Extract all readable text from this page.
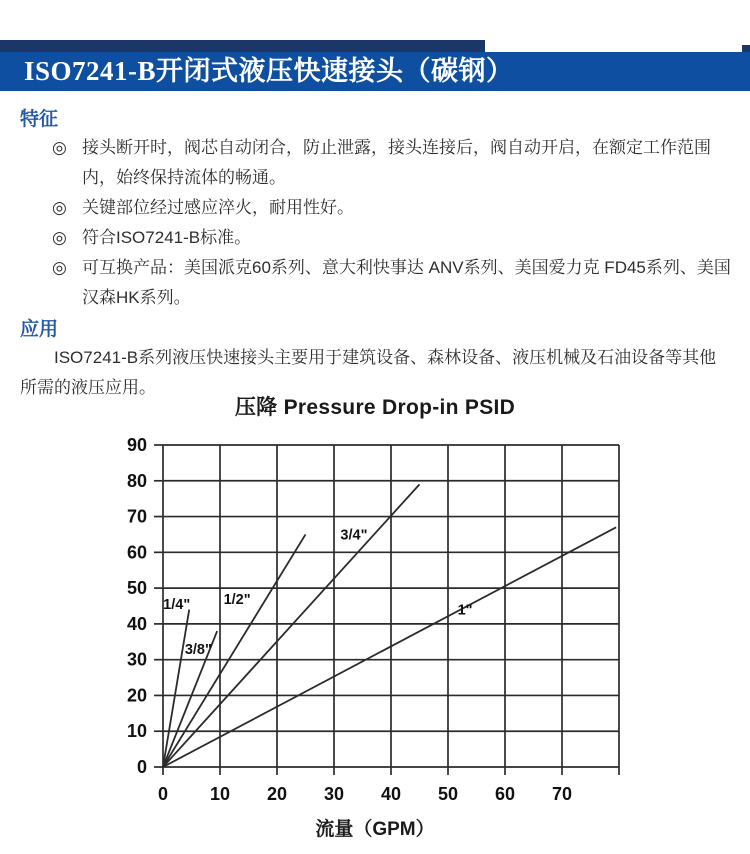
ISO7241-B开闭式液压快速接头（碳钢）
特征
◎ 接头断开时，阀芯自动闭合，防止泄露，接头连接后，阀自动开启，在额定工作范围内，始终保持流体的畅通。
◎ 关键部位经过感应淬火，耐用性好。
◎ 符合ISO7241-B标准。
◎ 可互换产品：美国派克60系列、意大利快事达 ANV系列、美国爱力克 FD45系列、美国汉森HK系列。
应用
ISO7241-B系列液压快速接头主要用于建筑设备、森林设备、液压机械及石油设备等其他所需的液压应用。
压降 Pressure Drop-in PSID
0 10 20 30 40 50 60 70
0
10
20
30
40
50
60
70
80
90
1/4"
3/8"
1/2"
3/4"
1"
流量（GPM）
